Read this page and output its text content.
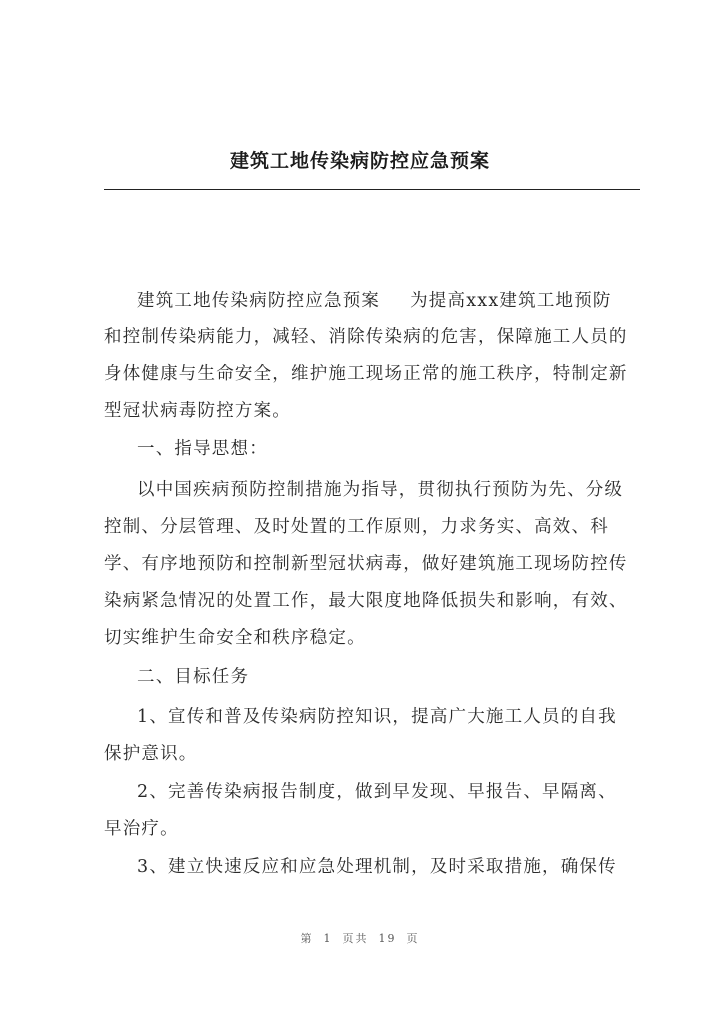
建筑工地传染病防控应急预案
建筑工地传染病防控应急预案 为提高xxx建筑工地预防
和控制传染病能力，减轻、消除传染病的危害，保障施工人员的
身体健康与生命安全，维护施工现场正常的施工秩序，特制定新
型冠状病毒防控方案。
一、指导思想：
以中国疾病预防控制措施为指导，贯彻执行预防为先、分级
控制、分层管理、及时处置的工作原则，力求务实、高效、科
学、有序地预防和控制新型冠状病毒，做好建筑施工现场防控传
染病紧急情况的处置工作，最大限度地降低损失和影响，有效、
切实维护生命安全和秩序稳定。
二、目标任务
1、宣传和普及传染病防控知识，提高广大施工人员的自我
保护意识。
2、完善传染病报告制度，做到早发现、早报告、早隔离、
早治疗。
3、建立快速反应和应急处理机制，及时采取措施，确保传
第 1 页共 19 页
